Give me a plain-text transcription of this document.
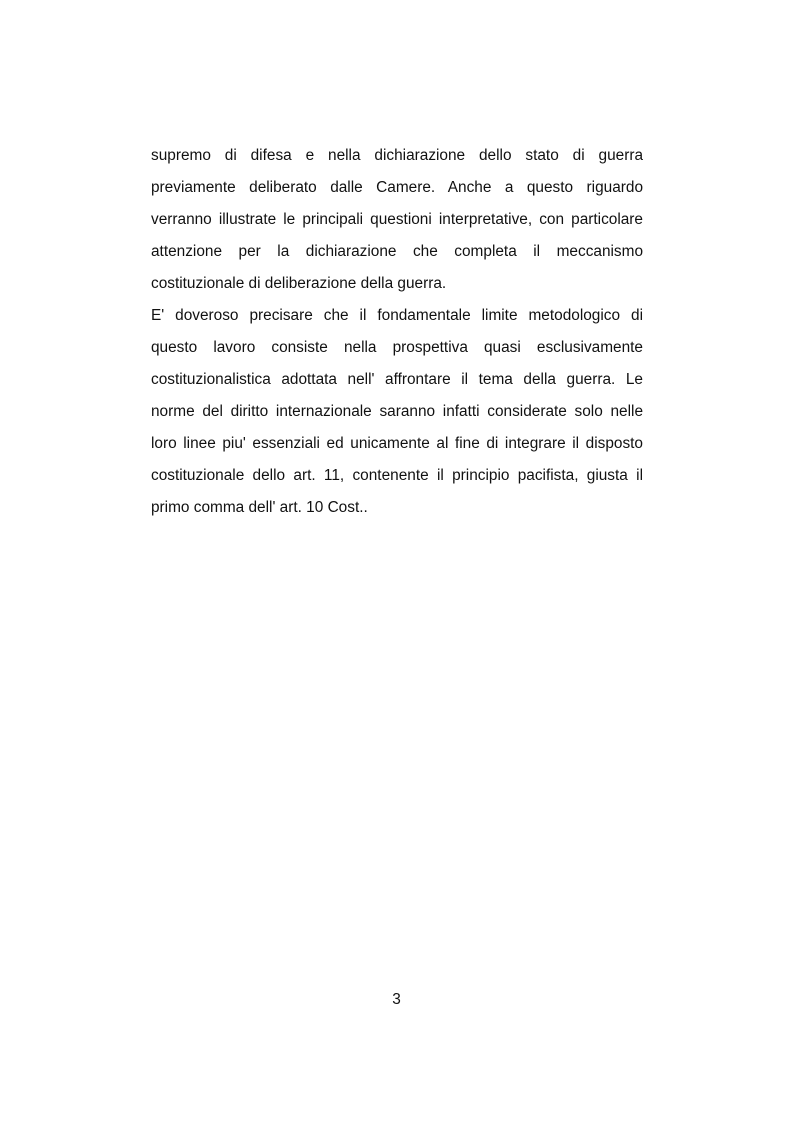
supremo di difesa e nella dichiarazione dello stato di guerra
previamente deliberato dalle Camere. Anche a questo riguardo
verranno illustrate le principali questioni interpretative, con particolare
attenzione per la dichiarazione che completa il meccanismo
costituzionale di deliberazione della guerra.
E' doveroso precisare che il fondamentale limite metodologico di
questo lavoro consiste nella prospettiva quasi esclusivamente
costituzionalistica adottata nell' affrontare il tema della guerra. Le
norme del diritto internazionale saranno infatti considerate solo nelle
loro linee piu' essenziali ed unicamente al fine di integrare il disposto
costituzionale dello art. 11, contenente il principio pacifista, giusta il
primo comma dell' art. 10 Cost..
3
